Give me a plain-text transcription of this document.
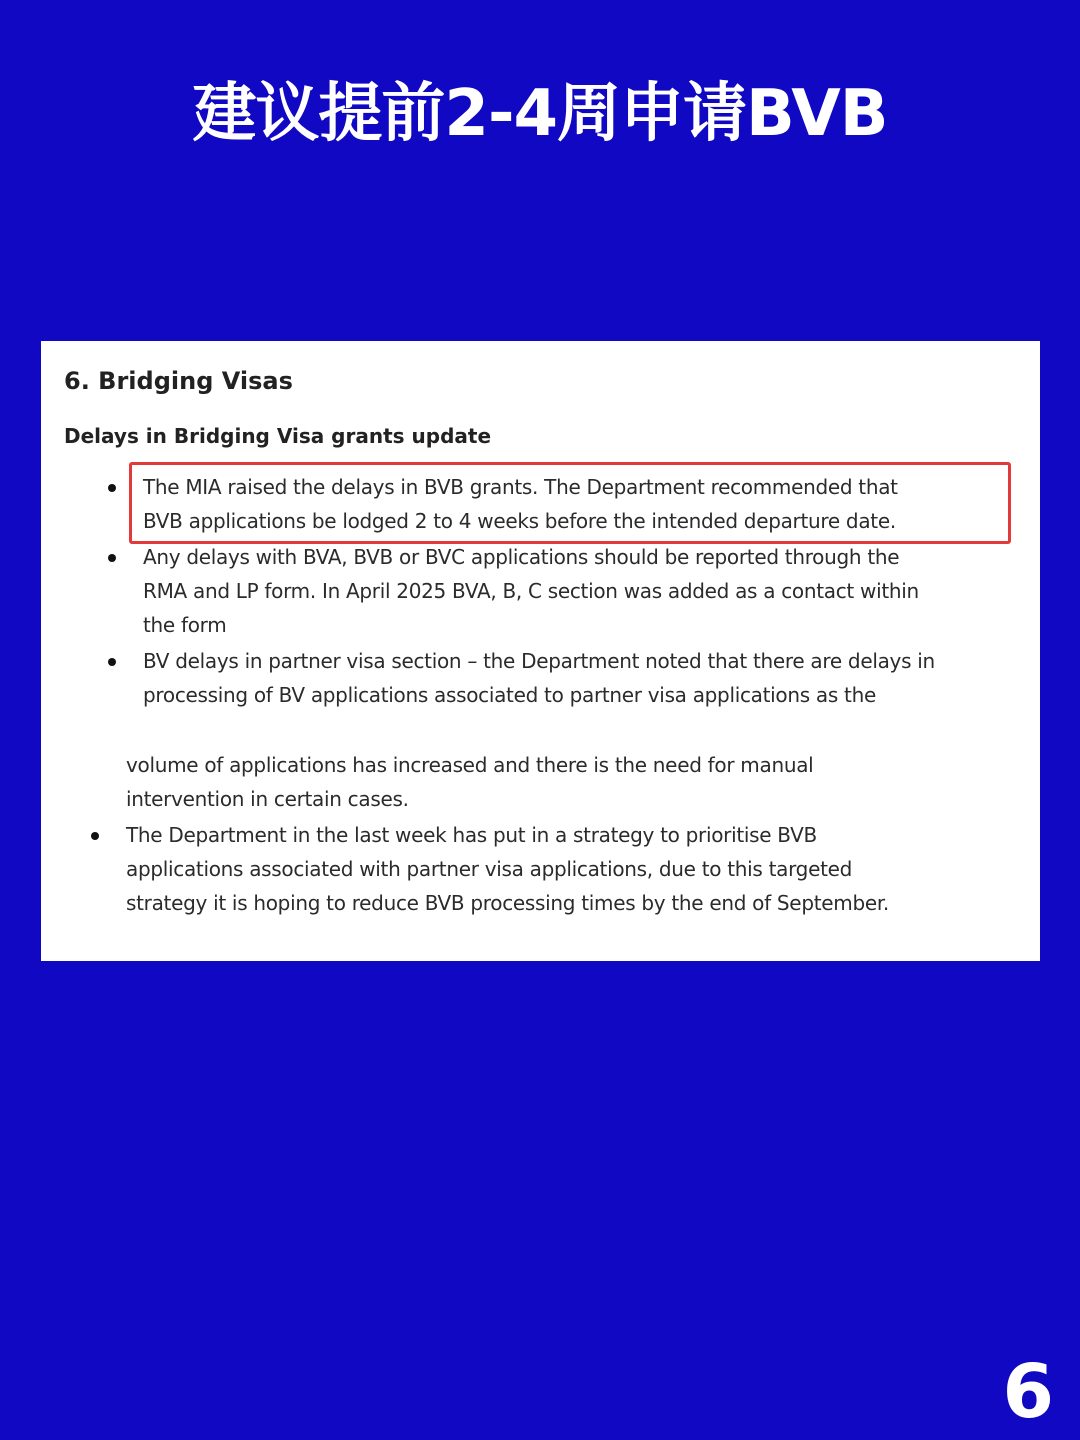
建议提前2-4周申请BVB
6. Bridging Visas
Delays in Bridging Visa grants update
The MIA raised the delays in BVB grants. The Department recommended that
BVB applications be lodged 2 to 4 weeks before the intended departure date.
Any delays with BVA, BVB or BVC applications should be reported through the
RMA and LP form. In April 2025 BVA, B, C section was added as a contact within
the form
BV delays in partner visa section – the Department noted that there are delays in
processing of BV applications associated to partner visa applications as the
volume of applications has increased and there is the need for manual
intervention in certain cases.
The Department in the last week has put in a strategy to prioritise BVB
applications associated with partner visa applications, due to this targeted
strategy it is hoping to reduce BVB processing times by the end of September.
6
